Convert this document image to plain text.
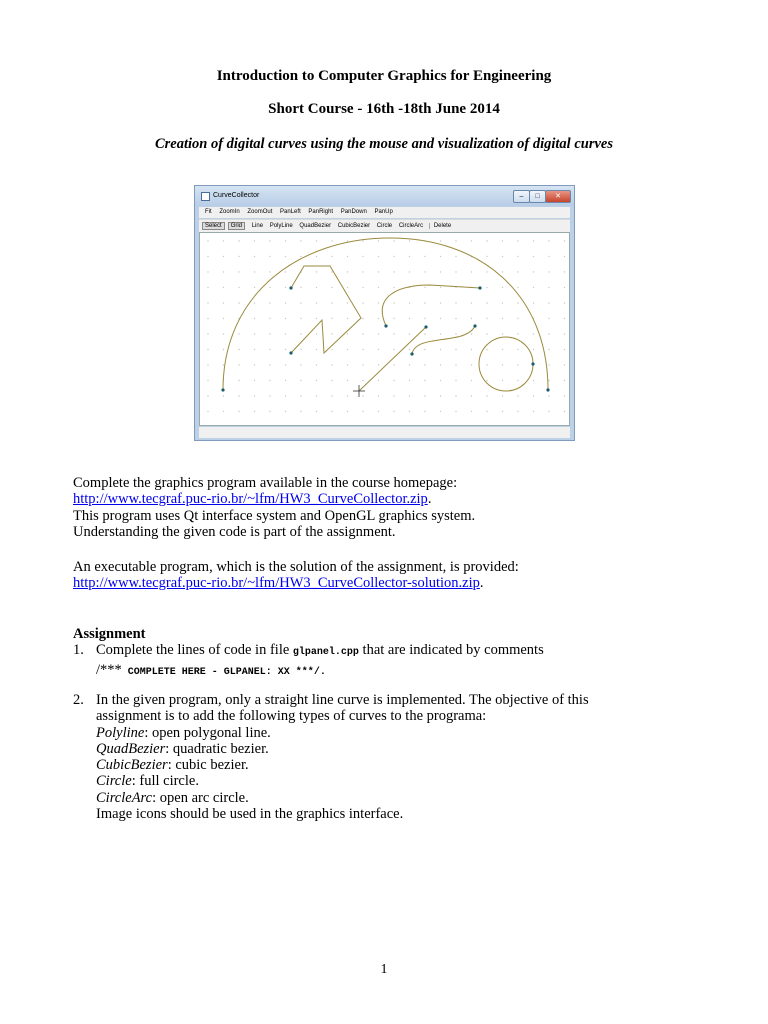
Introduction to Computer Graphics for Engineering
Short Course - 16th -18th June 2014
Creation of digital curves using the mouse and visualization of digital curves
CurveCollector	–	□	✕
Fit ZoomIn ZoomOut PanLeft PanRight PanDown PanUp
Select Grid Line PolyLine QuadBezier CubicBezier Circle CircleArc Delete
Complete the graphics program available in the course homepage:
http://www.tecgraf.puc-rio.br/~lfm/HW3_CurveCollector.zip.
This program uses Qt interface system and OpenGL graphics system.
Understanding the given code is part of the assignment.
An executable program, which is the solution of the assignment, is provided:
http://www.tecgraf.puc-rio.br/~lfm/HW3_CurveCollector-solution.zip.
Assignment
1. Complete the lines of code in file glpanel.cpp that are indicated by comments
/*** COMPLETE HERE - GLPANEL: XX ***/.
2. In the given program, only a straight line curve is implemented. The objective of this
assignment is to add the following types of curves to the programa:
Polyline: open polygonal line.
QuadBezier: quadratic bezier.
CubicBezier: cubic bezier.
Circle: full circle.
CircleArc: open arc circle.
Image icons should be used in the graphics interface.
1
